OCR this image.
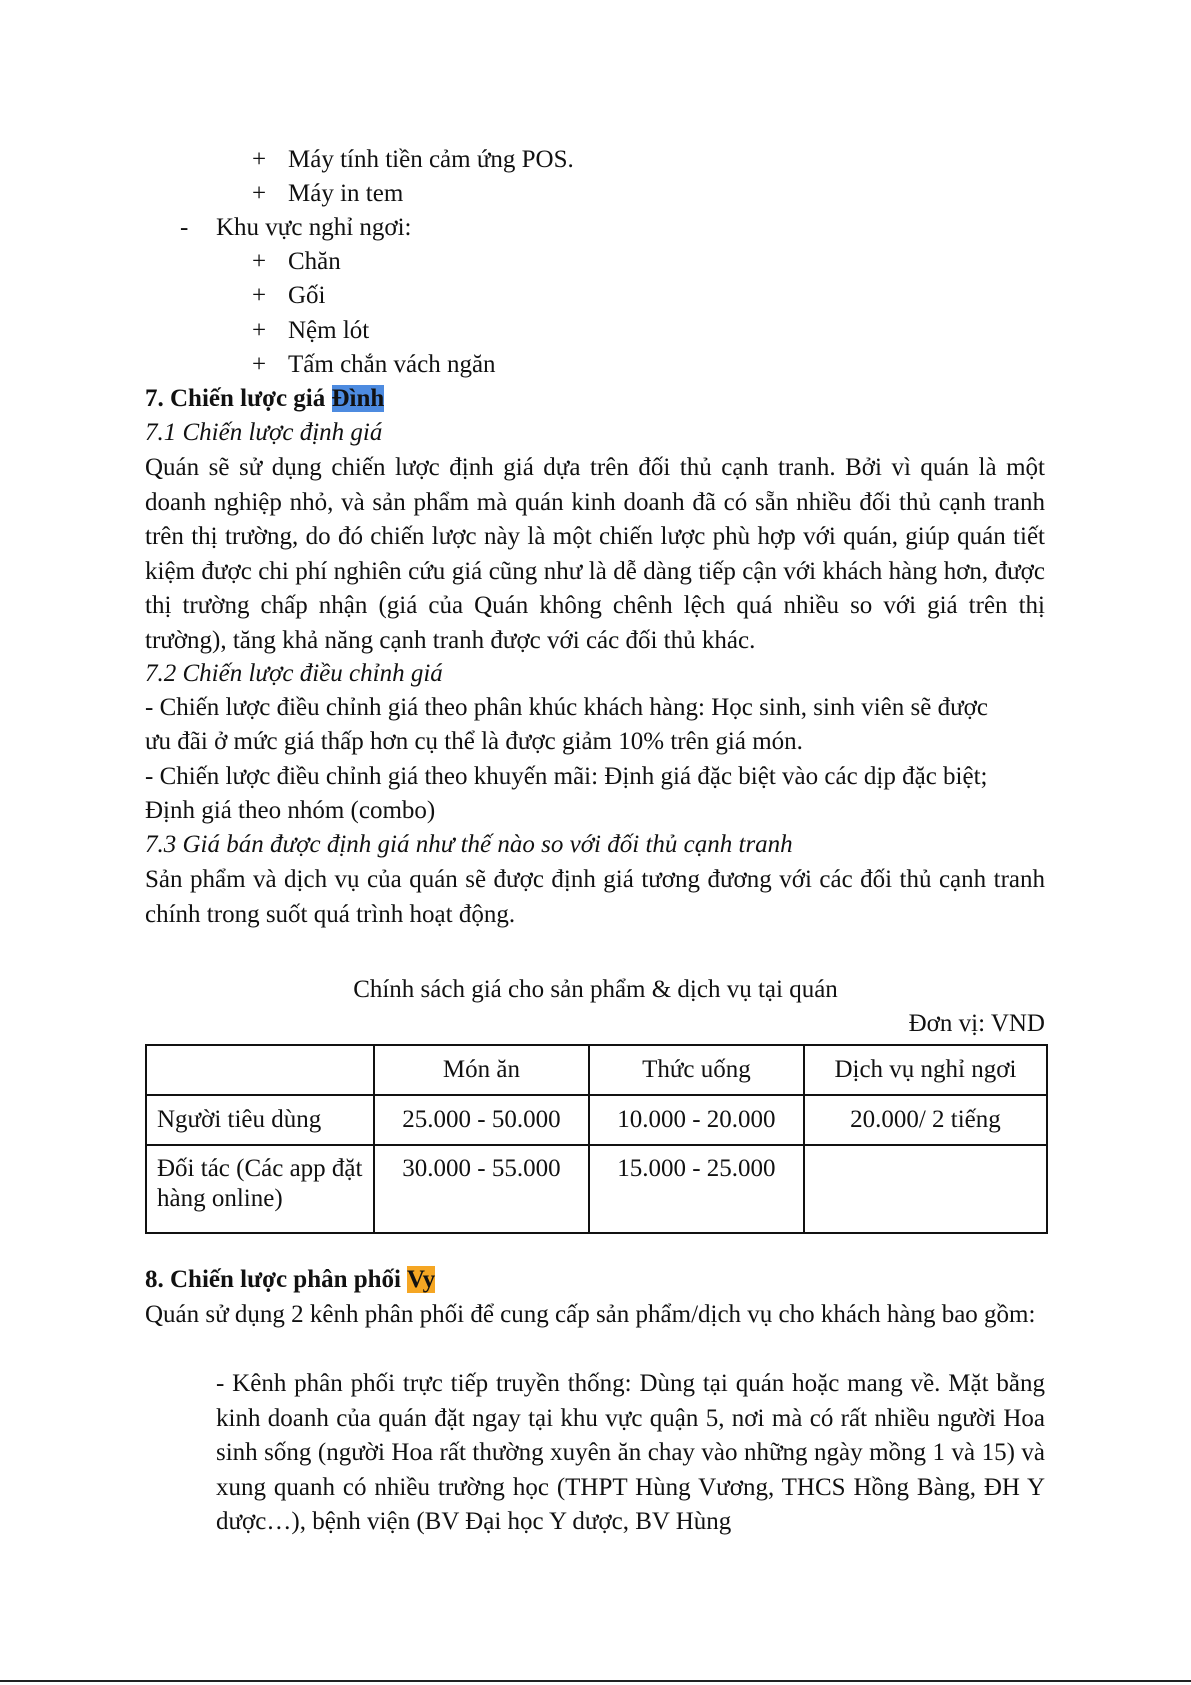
+ Máy tính tiền cảm ứng POS.
+ Máy in tem
- Khu vực nghỉ ngơi:
+ Chăn
+ Gối
+ Nệm lót
+ Tấm chắn vách ngăn
7. Chiến lược giá Đình
7.1 Chiến lược định giá
Quán sẽ sử dụng chiến lược định giá dựa trên đối thủ cạnh tranh. Bởi vì quán là một doanh nghiệp nhỏ, và sản phẩm mà quán kinh doanh đã có sẵn nhiều đối thủ cạnh tranh trên thị trường, do đó chiến lược này là một chiến lược phù hợp với quán, giúp quán tiết kiệm được chi phí nghiên cứu giá cũng như là dễ dàng tiếp cận với khách hàng hơn, được thị trường chấp nhận (giá của Quán không chênh lệch quá nhiều so với giá trên thị trường), tăng khả năng cạnh tranh được với các đối thủ khác.
7.2 Chiến lược điều chỉnh giá
- Chiến lược điều chỉnh giá theo phân khúc khách hàng: Học sinh, sinh viên sẽ được
ưu đãi ở mức giá thấp hơn cụ thể là được giảm 10% trên giá món.
- Chiến lược điều chỉnh giá theo khuyến mãi: Định giá đặc biệt vào các dịp đặc biệt;
Định giá theo nhóm (combo)
7.3 Giá bán được định giá như thế nào so với đối thủ cạnh tranh
Sản phẩm và dịch vụ của quán sẽ được định giá tương đương với các đối thủ cạnh tranh chính trong suốt quá trình hoạt động.
Chính sách giá cho sản phẩm & dịch vụ tại quán
Đơn vị: VND
	Món ăn	Thức uống	Dịch vụ nghỉ ngơi
Người tiêu dùng	25.000 - 50.000	10.000 - 20.000	20.000/ 2 tiếng
Đối tác (Các app đặt hàng online)	30.000 - 55.000	15.000 - 25.000	
8. Chiến lược phân phối Vy
Quán sử dụng 2 kênh phân phối để cung cấp sản phẩm/dịch vụ cho khách hàng bao gồm:
- Kênh phân phối trực tiếp truyền thống: Dùng tại quán hoặc mang về. Mặt bằng kinh doanh của quán đặt ngay tại khu vực quận 5, nơi mà có rất nhiều người Hoa sinh sống (người Hoa rất thường xuyên ăn chay vào những ngày mồng 1 và 15) và xung quanh có nhiều trường học (THPT Hùng Vương, THCS Hồng Bàng, ĐH Y dược…), bệnh viện (BV Đại học Y dược, BV Hùng
